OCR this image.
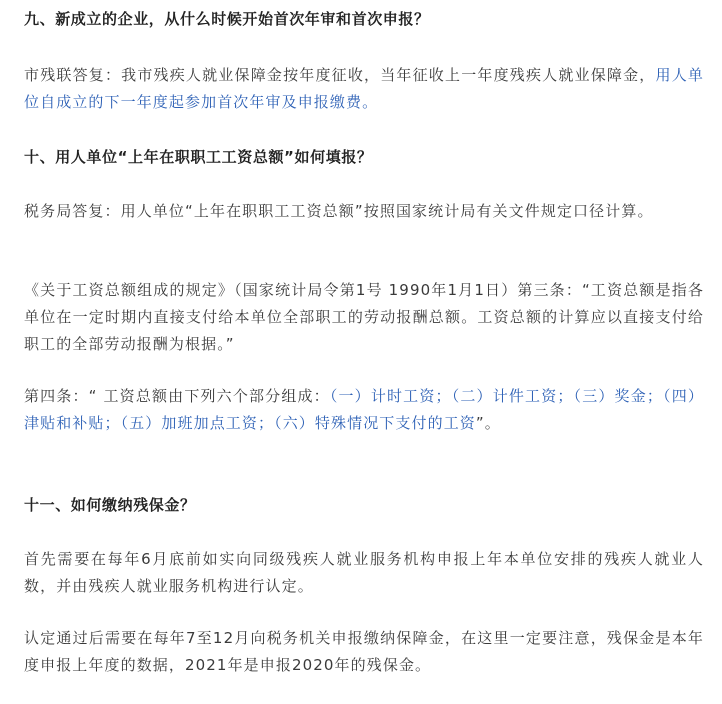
九、新成立的企业，从什么时候开始首次年审和首次申报？

市残联答复：我市残疾人就业保障金按年度征收，当年征收上一年度残疾人就业保障金，用人单位自成立的下一年度起参加首次年审及申报缴费。

十、用人单位“上年在职职工工资总额”如何填报？

税务局答复：用人单位“上年在职职工工资总额”按照国家统计局有关文件规定口径计算。

《关于工资总额组成的规定》（国家统计局令第1号 1990年1月1日）第三条：“工资总额是指各单位在一定时期内直接支付给本单位全部职工的劳动报酬总额。工资总额的计算应以直接支付给职工的全部劳动报酬为根据。”

第四条：“ 工资总额由下列六个部分组成：（一）计时工资；（二）计件工资；（三）奖金；（四）津贴和补贴；（五）加班加点工资；（六）特殊情况下支付的工资”。

十一、如何缴纳残保金？

首先需要在每年6月底前如实向同级残疾人就业服务机构申报上年本单位安排的残疾人就业人数，并由残疾人就业服务机构进行认定。

认定通过后需要在每年7至12月向税务机关申报缴纳保障金，在这里一定要注意，残保金是本年度申报上年度的数据，2021年是申报2020年的残保金。
